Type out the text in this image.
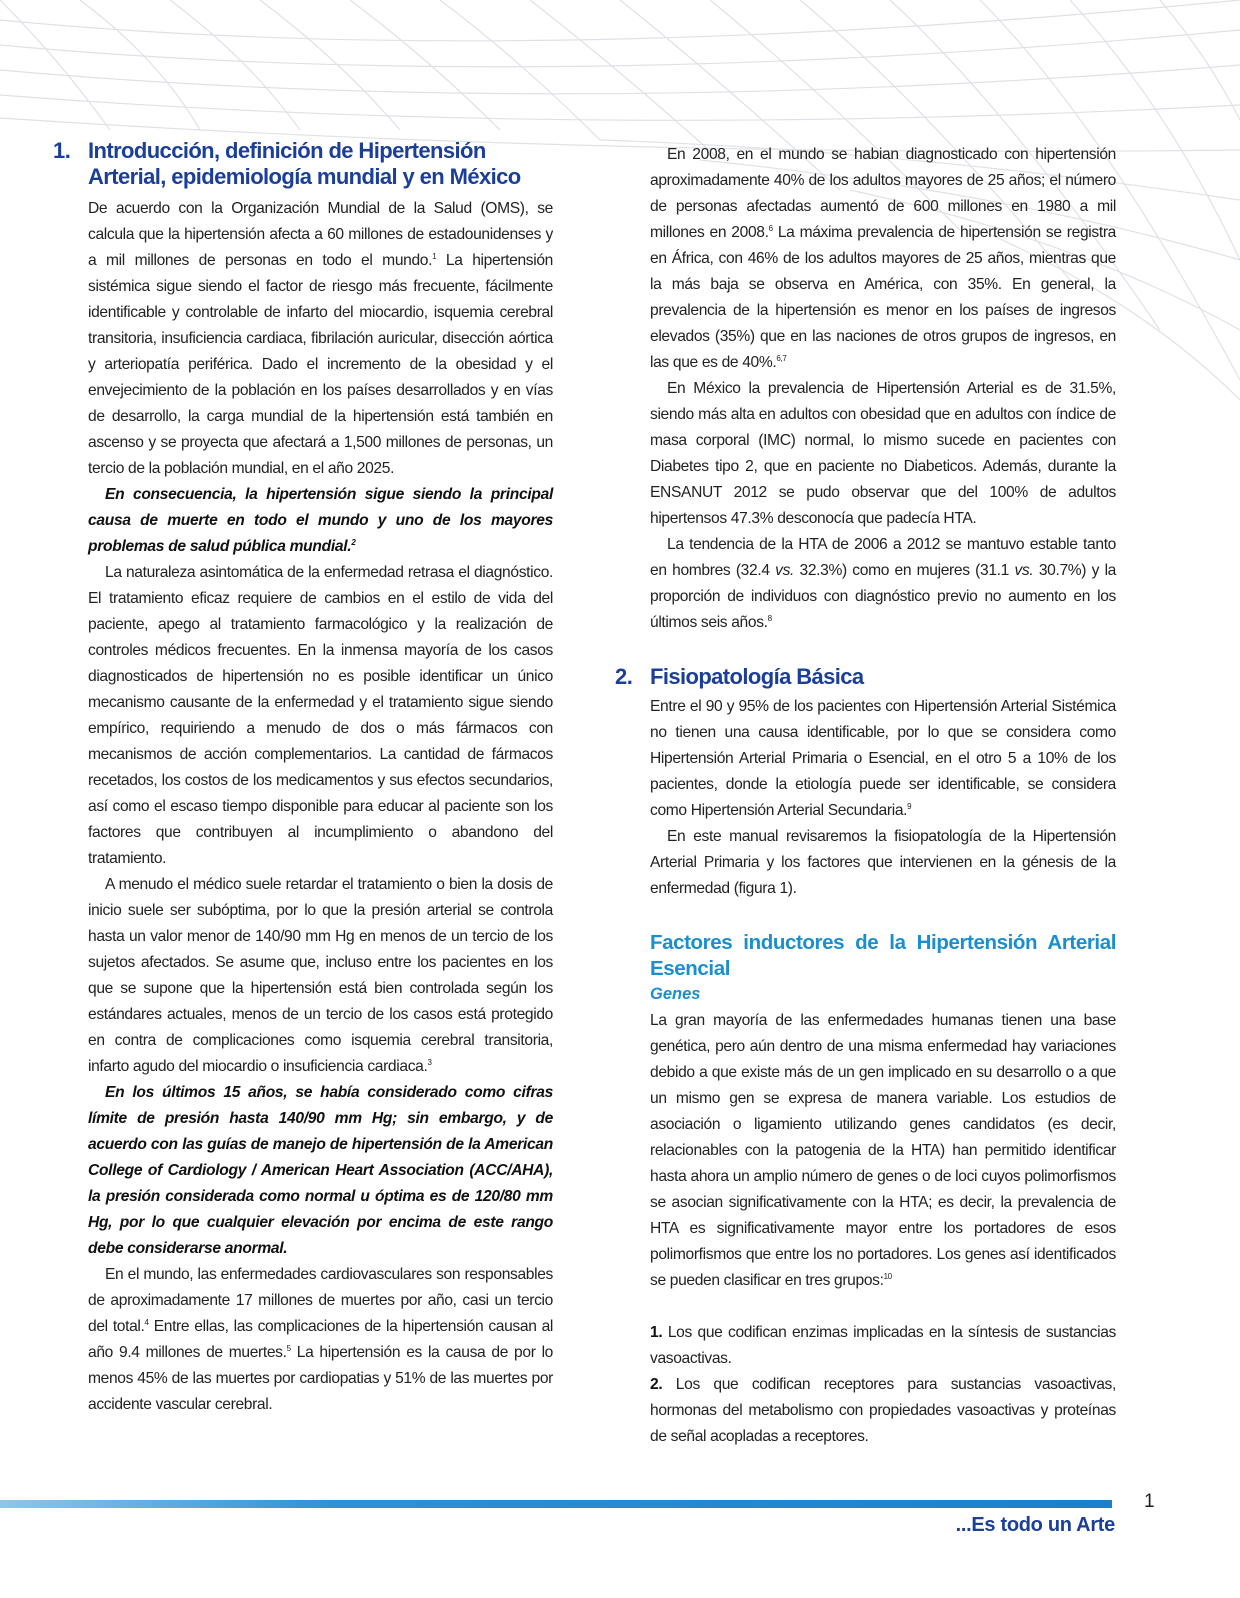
1. Introducción, definición de Hipertensión Arterial, epidemiología mundial y en México

De acuerdo con la Organización Mundial de la Salud (OMS), se calcula que la hipertensión afecta a 60 millones de estadounidenses y a mil millones de personas en todo el mundo.$^1$ La hipertensión sistémica sigue siendo el factor de riesgo más frecuente, fácilmente identificable y controlable de infarto del miocardio, isquemia cerebral transitoria, insuficiencia cardiaca, fibrilación auricular, disección aórtica y arteriopatía periférica. Dado el incremento de la obesidad y el envejecimiento de la población en los países desarrollados y en vías de desarrollo, la carga mundial de la hipertensión está también en ascenso y se proyecta que afectará a 1,500 millones de personas, un tercio de la población mundial, en el año 2025.

En consecuencia, la hipertensión sigue siendo la principal causa de muerte en todo el mundo y uno de los mayores problemas de salud pública mundial.$^2$

La naturaleza asintomática de la enfermedad retrasa el diagnóstico. El tratamiento eficaz requiere de cambios en el estilo de vida del paciente, apego al tratamiento farmacológico y la realización de controles médicos frecuentes. En la inmensa mayoría de los casos diagnosticados de hipertensión no es posible identificar un único mecanismo causante de la enfermedad y el tratamiento sigue siendo empírico, requiriendo a menudo de dos o más fármacos con mecanismos de acción complementarios. La cantidad de fármacos recetados, los costos de los medicamentos y sus efectos secundarios, así como el escaso tiempo disponible para educar al paciente son los factores que contribuyen al incumplimiento o abandono del tratamiento.

A menudo el médico suele retardar el tratamiento o bien la dosis de inicio suele ser subóptima, por lo que la presión arterial se controla hasta un valor menor de 140/90 mm Hg en menos de un tercio de los sujetos afectados. Se asume que, incluso entre los pacientes en los que se supone que la hipertensión está bien controlada según los estándares actuales, menos de un tercio de los casos está protegido en contra de complicaciones como isquemia cerebral transitoria, infarto agudo del miocardio o insuficiencia cardiaca.$^3$

En los últimos 15 años, se había considerado como cifras límite de presión hasta 140/90 mm Hg; sin embargo, y de acuerdo con las guías de manejo de hipertensión de la American College of Cardiology / American Heart Association (ACC/AHA), la presión considerada como normal u óptima es de 120/80 mm Hg, por lo que cualquier elevación por encima de este rango debe considerarse anormal.

En el mundo, las enfermedades cardiovasculares son responsables de aproximadamente 17 millones de muertes por año, casi un tercio del total.$^4$ Entre ellas, las complicaciones de la hipertensión causan al año 9.4 millones de muertes.$^5$ La hipertensión es la causa de por lo menos 45% de las muertes por cardiopatias y 51% de las muertes por accidente vascular cerebral.

En 2008, en el mundo se habian diagnosticado con hipertensión aproximadamente 40% de los adultos mayores de 25 años; el número de personas afectadas aumentó de 600 millones en 1980 a mil millones en 2008.$^6$ La máxima prevalencia de hipertensión se registra en África, con 46% de los adultos mayores de 25 años, mientras que la más baja se observa en América, con 35%. En general, la prevalencia de la hipertensión es menor en los países de ingresos elevados (35%) que en las naciones de otros grupos de ingresos, en las que es de 40%.$^{6,7}$

En México la prevalencia de Hipertensión Arterial es de 31.5%, siendo más alta en adultos con obesidad que en adultos con índice de masa corporal (IMC) normal, lo mismo sucede en pacientes con Diabetes tipo 2, que en paciente no Diabeticos. Además, durante la ENSANUT 2012 se pudo observar que del 100% de adultos hipertensos 47.3% desconocía que padecía HTA.

La tendencia de la HTA de 2006 a 2012 se mantuvo estable tanto en hombres (32.4 vs. 32.3%) como en mujeres (31.1 vs. 30.7%) y la proporción de individuos con diagnóstico previo no aumento en los últimos seis años.$^8$

2. Fisiopatología Básica

Entre el 90 y 95% de los pacientes con Hipertensión Arterial Sistémica no tienen una causa identificable, por lo que se considera como Hipertensión Arterial Primaria o Esencial, en el otro 5 a 10% de los pacientes, donde la etiología puede ser identificable, se considera como Hipertensión Arterial Secundaria.$^9$

En este manual revisaremos la fisiopatología de la Hipertensión Arterial Primaria y los factores que intervienen en la génesis de la enfermedad (figura 1).

Factores inductores de la Hipertensión Arterial Esencial
Genes

La gran mayoría de las enfermedades humanas tienen una base genética, pero aún dentro de una misma enfermedad hay variaciones debido a que existe más de un gen implicado en su desarrollo o a que un mismo gen se expresa de manera variable. Los estudios de asociación o ligamiento utilizando genes candidatos (es decir, relacionables con la patogenia de la HTA) han permitido identificar hasta ahora un amplio número de genes o de loci cuyos polimorfismos se asocian significativamente con la HTA; es decir, la prevalencia de HTA es significativamente mayor entre los portadores de esos polimorfismos que entre los no portadores. Los genes así identificados se pueden clasificar en tres grupos:$^{10}$

1. Los que codifican enzimas implicadas en la síntesis de sustancias vasoactivas.

2. Los que codifican receptores para sustancias vasoactivas, hormonas del metabolismo con propiedades vasoactivas y proteínas de señal acopladas a receptores.

1
...Es todo un Arte
